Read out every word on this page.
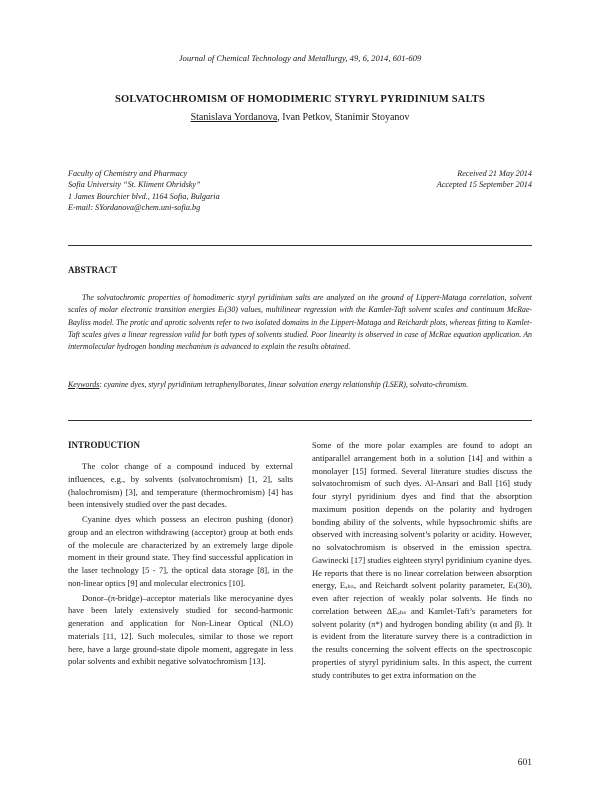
Journal of Chemical Technology and Metallurgy, 49, 6, 2014, 601-609
SOLVATOCHROMISM OF HOMODIMERIC STYRYL PYRIDINIUM SALTS
Stanislava Yordanova, Ivan Petkov, Stanimir Stoyanov
Faculty of Chemistry and Pharmacy
Sofia University “St. Kliment Ohridsky”
1 James Bourchier blvd., 1164 Sofia, Bulgaria
E-mail: SYordanova@chem.uni-sofia.bg
Received 21 May 2014
Accepted 15 September 2014
ABSTRACT
The solvatochromic properties of homodimeric styryl pyridinium salts are analyzed on the ground of Lippert-Mataga correlation, solvent scales of molar electronic transition energies Eₜ(30) values, multilinear regression with the Kamlet-Taft solvent scales and continuum McRae-Bayliss model. The protic and aprotic solvents refer to two isolated domains in the Lippert-Mataga and Reichardt plots, whereas fitting to Kamlet-Taft scales gives a linear regression valid for both types of solvents studied. Poor linearity is observed in case of McRae equation application. An intermolecular hydrogen bonding mechanism is advanced to explain the results obtained.
Keywords: cyanine dyes, styryl pyridinium tetraphenylborates, linear solvation energy relationship (LSER), solvato-chromism.
INTRODUCTION

The color change of a compound induced by external influences, e.g., by solvents (solvatochromism) [1, 2], salts (halochromism) [3], and temperature (thermochromism) [4] has been intensively studied over the past decades.

Cyanine dyes which possess an electron pushing (donor) group and an electron withdrawing (acceptor) group at both ends of the molecule are characterized by an extremely large dipole moment in their ground state. They find successful application in the laser technology [5 - 7], the optical data storage [8], in the non-linear optics [9] and molecular electronics [10].

Donor–(π-bridge)–acceptor materials like merocyanine dyes have been lately extensively studied for second-harmonic generation and application for Non-Linear Optical (NLO) materials [11, 12]. Such molecules, similar to those we report here, have a large ground-state dipole moment, aggregate in less polar solvents and exhibit negative solvatochromism [13].

Some of the more polar examples are found to adopt an antiparallel arrangement both in a solution [14] and within a monolayer [15] formed. Several literature studies discuss the solvatochromism of such dyes. Al-Ansari and Ball [16] study four styryl pyridinium dyes and find that the absorption maximum position depends on the polarity and hydrogen bonding ability of the solvents, while hypsochromic shifts are observed with increasing solvent’s polarity or acidity. However, no solvatochromism is observed in the emission spectra. Gawinecki [17] studies eighteen styryl pyridinium cyanine dyes. He reports that there is no linear correlation between absorption energy, Eₐₕₛ, and Reichardt solvent polarity parameter, Eₜ(30), even after rejection of weakly polar solvents. He finds no correlation between ΔEₐₕₛ and Kamlet-Taft’s parameters for solvent polarity (π*) and hydrogen bonding ability (α and β). It is evident from the literature survey there is a contradiction in the results concerning the solvent effects on the spectroscopic properties of styryl pyridinium salts. In this aspect, the current study contributes to get extra information on the

601
